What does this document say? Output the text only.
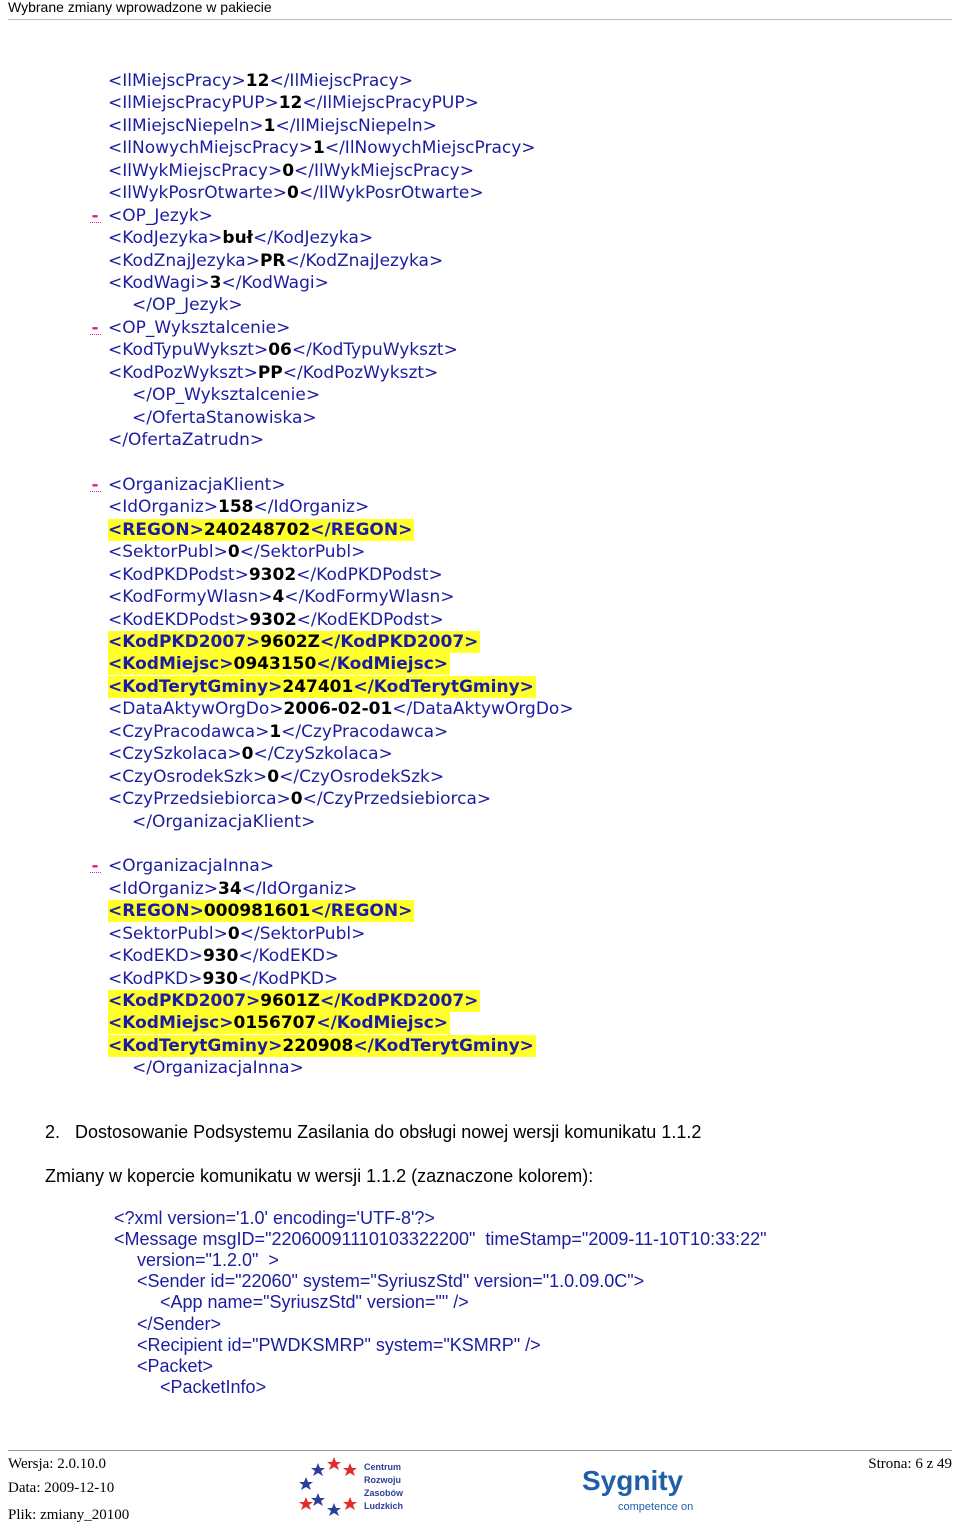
Wybrane zmiany wprowadzone w pakiecie
<IlMiejscPracy>12</IlMiejscPracy>
<IlMiejscPracyPUP>12</IlMiejscPracyPUP>
<IlMiejscNiepeln>1</IlMiejscNiepeln>
<IlNowychMiejscPracy>1</IlNowychMiejscPracy>
<IlWykMiejscPracy>0</IlWykMiejscPracy>
<IlWykPosrOtwarte>0</IlWykPosrOtwarte>
- <OP_Jezyk>
<KodJezyka>buł</KodJezyka>
<KodZnajJezyka>PR</KodZnajJezyka>
<KodWagi>3</KodWagi>
</OP_Jezyk>
- <OP_Wyksztalcenie>
<KodTypuWykszt>06</KodTypuWykszt>
<KodPozWykszt>PP</KodPozWykszt>
</OP_Wyksztalcenie>
</OfertaStanowiska>
</OfertaZatrudn>
- <OrganizacjaKlient>
<IdOrganiz>158</IdOrganiz>
<REGON>240248702</REGON>
<SektorPubl>0</SektorPubl>
<KodPKDPodst>9302</KodPKDPodst>
<KodFormyWlasn>4</KodFormyWlasn>
<KodEKDPodst>9302</KodEKDPodst>
<KodPKD2007>9602Z</KodPKD2007>
<KodMiejsc>0943150</KodMiejsc>
<KodTerytGminy>247401</KodTerytGminy>
<DataAktywOrgDo>2006-02-01</DataAktywOrgDo>
<CzyPracodawca>1</CzyPracodawca>
<CzySzkolaca>0</CzySzkolaca>
<CzyOsrodekSzk>0</CzyOsrodekSzk>
<CzyPrzedsiebiorca>0</CzyPrzedsiebiorca>
</OrganizacjaKlient>
- <OrganizacjaInna>
<IdOrganiz>34</IdOrganiz>
<REGON>000981601</REGON>
<SektorPubl>0</SektorPubl>
<KodEKD>930</KodEKD>
<KodPKD>930</KodPKD>
<KodPKD2007>9601Z</KodPKD2007>
<KodMiejsc>0156707</KodMiejsc>
<KodTerytGminy>220908</KodTerytGminy>
</OrganizacjaInna>
2. Dostosowanie Podsystemu Zasilania do obsługi nowej wersji komunikatu 1.1.2
Zmiany w kopercie komunikatu w wersji 1.1.2 (zaznaczone kolorem):
<?xml version='1.0' encoding='UTF-8'?>
<Message msgID="22060091110103322200"  timeStamp="2009-11-10T10:33:22"
version="1.2.0"  >
<Sender id="22060" system="SyriuszStd" version="1.0.09.0C">
<App name="SyriuszStd" version="" />
</Sender>
<Recipient id="PWDKSMRP" system="KSMRP" />
<Packet>
<PacketInfo>
Wersja: 2.0.10.0
Data: 2009-12-10
Plik: zmiany_20100
Strona: 6 z 49
Centrum
Rozwoju
Zasobów
Ludzkich
Sygnity
competence on
